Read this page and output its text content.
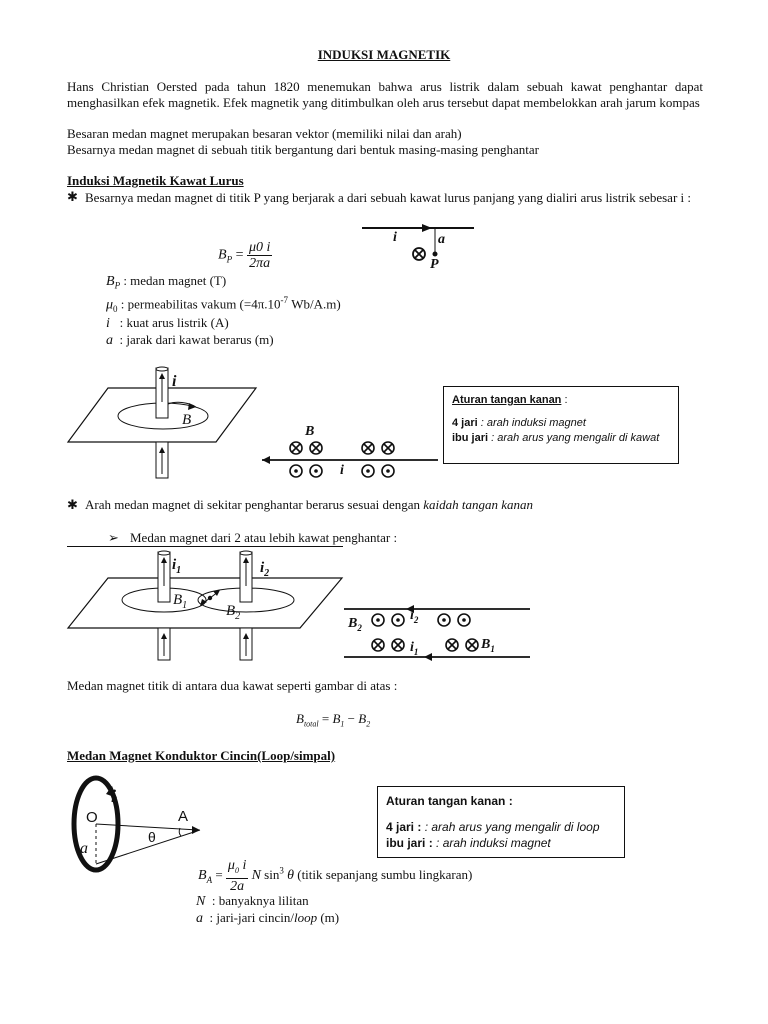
INDUKSI MAGNETIK
Hans Christian Oersted pada tahun 1820 menemukan bahwa arus listrik dalam sebuah kawat penghantar dapat menghasilkan efek magnetik. Efek magnetik yang ditimbulkan oleh arus tersebut dapat membelokkan arah jarum kompas
Besaran medan magnet merupakan besaran vektor (memiliki nilai dan arah)
Besarnya medan magnet di sebuah titik bergantung dari bentuk masing-masing penghantar
Induksi Magnetik Kawat Lurus
✱ Besarnya medan magnet di titik P yang berjarak a dari sebuah kawat lurus panjang yang dialiri arus listrik sebesar i :
$B_P = \frac{\mu 0 i}{2\pi a}$
i	a
P
$B_P$ : medan magnet (T)
$\mu_0$ : permeabilitas vakum ($=4\pi.10^{-7}$ Wb/A.m)
i : kuat arus listrik (A)
a : jarak dari kawat berarus (m)
i
B
B
i
Aturan tangan kanan :
4 jari : arah induksi magnet
ibu jari : arah arus yang mengalir di kawat
✱ Arah medan magnet di sekitar penghantar berarus sesuai dengan kaidah tangan kanan
➢ Medan magnet dari 2 atau lebih kawat penghantar :
$i_1$	$i_2$
$B_1$	$B_2$	$i_2$
$B_2$
$i_1$	$B_1$
Medan magnet titik di antara dua kawat seperti gambar di atas :
$B_{total} = B_1 - B_2$
Medan Magnet Konduktor Cincin(Loop/simpal)
i
O	A
θ
a
Aturan tangan kanan :
4 jari : : arah arus yang mengalir di loop
ibu jari : : arah induksi magnet
$B_A = \frac{\mu_0 i}{2a}$ N $\sin^3 \theta$ (titik sepanjang sumbu lingkaran)
N : banyaknya lilitan
a : jari-jari cincin/loop (m)
